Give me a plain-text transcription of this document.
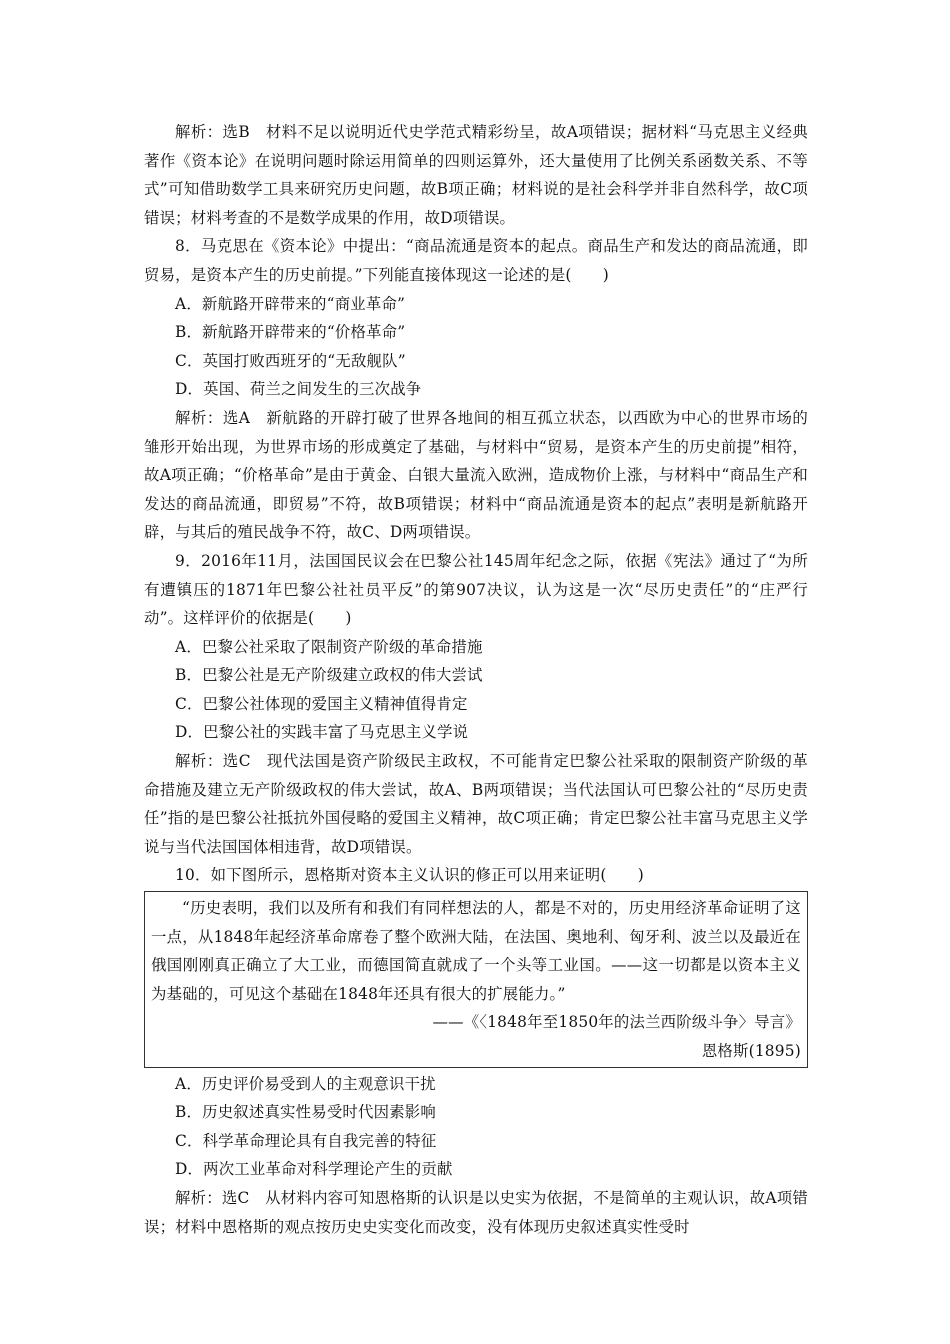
解析：选B　材料不足以说明近代史学范式精彩纷呈，故A项错误；据材料“马克思主义经典著作《资本论》在说明问题时除运用简单的四则运算外，还大量使用了比例关系函数关系、不等式”可知借助数学工具来研究历史问题，故B项正确；材料说的是社会科学并非自然科学，故C项错误；材料考查的不是数学成果的作用，故D项错误。

8．马克思在《资本论》中提出：“商品流通是资本的起点。商品生产和发达的商品流通，即贸易，是资本产生的历史前提。”下列能直接体现这一论述的是(　　)

A．新航路开辟带来的“商业革命”

B．新航路开辟带来的“价格革命”

C．英国打败西班牙的“无敌舰队”

D．英国、荷兰之间发生的三次战争

解析：选A　新航路的开辟打破了世界各地间的相互孤立状态，以西欧为中心的世界市场的雏形开始出现，为世界市场的形成奠定了基础，与材料中“贸易，是资本产生的历史前提”相符，故A项正确；“价格革命”是由于黄金、白银大量流入欧洲，造成物价上涨，与材料中“商品生产和发达的商品流通，即贸易”不符，故B项错误；材料中“商品流通是资本的起点”表明是新航路开辟，与其后的殖民战争不符，故C、D两项错误。

9．2016年11月，法国国民议会在巴黎公社145周年纪念之际，依据《宪法》通过了“为所有遭镇压的1871年巴黎公社社员平反”的第907决议，认为这是一次“尽历史责任”的“庄严行动”。这样评价的依据是(　　)

A．巴黎公社采取了限制资产阶级的革命措施

B．巴黎公社是无产阶级建立政权的伟大尝试

C．巴黎公社体现的爱国主义精神值得肯定

D．巴黎公社的实践丰富了马克思主义学说

解析：选C　现代法国是资产阶级民主政权，不可能肯定巴黎公社采取的限制资产阶级的革命措施及建立无产阶级政权的伟大尝试，故A、B两项错误；当代法国认可巴黎公社的“尽历史责任”指的是巴黎公社抵抗外国侵略的爱国主义精神，故C项正确；肯定巴黎公社丰富马克思主义学说与当代法国国体相违背，故D项错误。

10．如下图所示，恩格斯对资本主义认识的修正可以用来证明(　　)

“历史表明，我们以及所有和我们有同样想法的人，都是不对的，历史用经济革命证明了这一点，从1848年起经济革命席卷了整个欧洲大陆，在法国、奥地利、匈牙利、波兰以及最近在俄国刚刚真正确立了大工业，而德国简直就成了一个头等工业国。——这一切都是以资本主义为基础的，可见这个基础在1848年还具有很大的扩展能力。”

——《〈1848年至1850年的法兰西阶级斗争〉导言》

恩格斯(1895)

A．历史评价易受到人的主观意识干扰

B．历史叙述真实性易受时代因素影响

C．科学革命理论具有自我完善的特征

D．两次工业革命对科学理论产生的贡献

解析：选C　从材料内容可知恩格斯的认识是以史实为依据，不是简单的主观认识，故A项错误；材料中恩格斯的观点按历史史实变化而改变，没有体现历史叙述真实性受时
